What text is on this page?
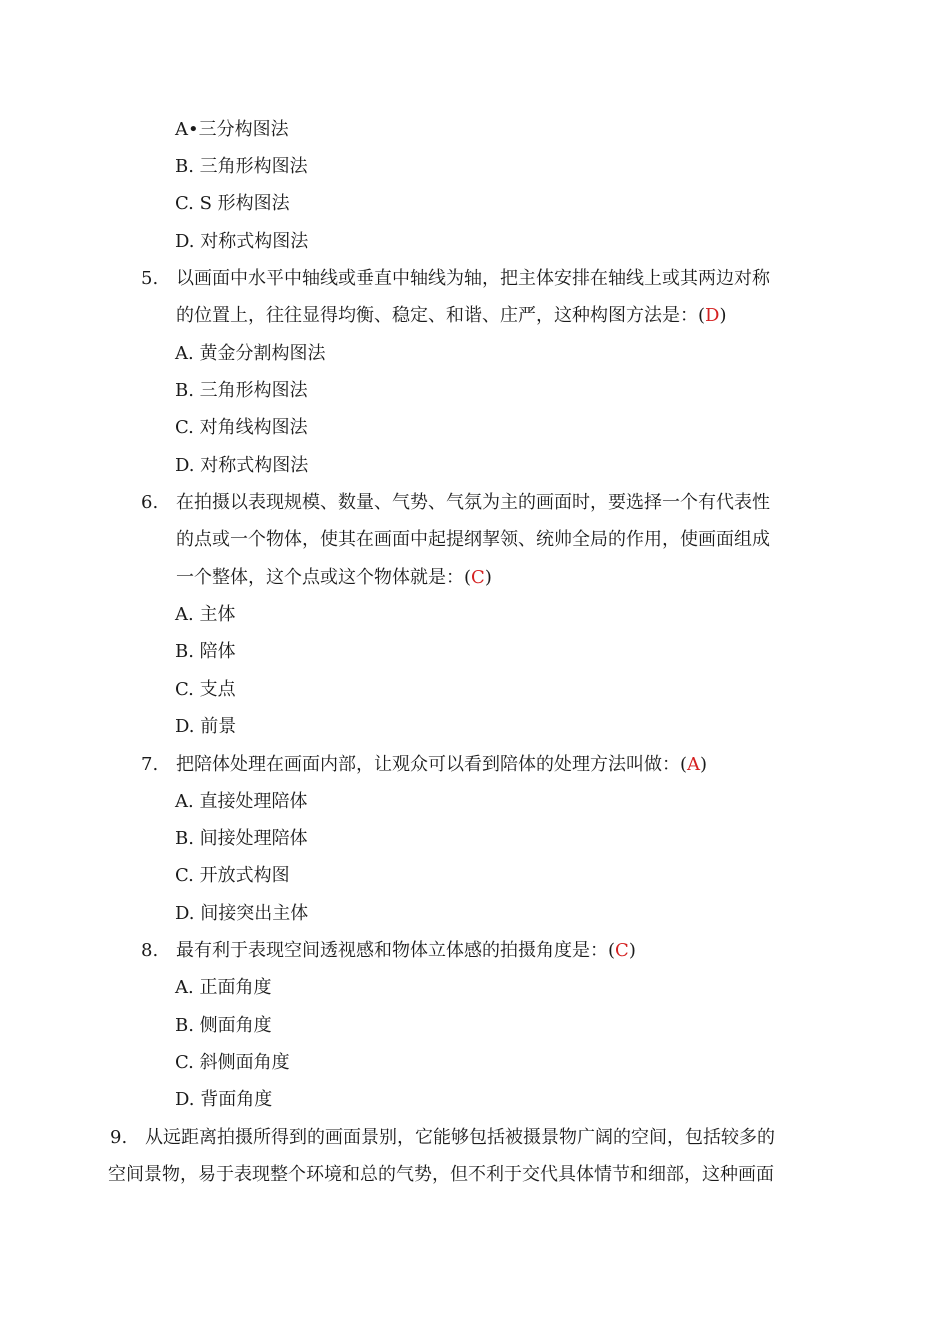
A•三分构图法
B. 三角形构图法
C. S 形构图法
D. 对称式构图法
5. 以画面中水平中轴线或垂直中轴线为轴，把主体安排在轴线上或其两边对称
的位置上，往往显得均衡、稳定、和谐、庄严，这种构图方法是：(D)
A. 黄金分割构图法
B. 三角形构图法
C. 对角线构图法
D. 对称式构图法
6. 在拍摄以表现规模、数量、气势、气氛为主的画面时，要选择一个有代表性
的点或一个物体，使其在画面中起提纲挈领、统帅全局的作用，使画面组成
一个整体，这个点或这个物体就是：(C)
A. 主体
B. 陪体
C. 支点
D. 前景
7. 把陪体处理在画面内部，让观众可以看到陪体的处理方法叫做：(A)
A. 直接处理陪体
B. 间接处理陪体
C. 开放式构图
D. 间接突出主体
8. 最有利于表现空间透视感和物体立体感的拍摄角度是：(C)
A. 正面角度
B. 侧面角度
C. 斜侧面角度
D. 背面角度
9. 从远距离拍摄所得到的画面景别，它能够包括被摄景物广阔的空间，包括较多的
空间景物，易于表现整个环境和总的气势，但不利于交代具体情节和细部，这种画面
